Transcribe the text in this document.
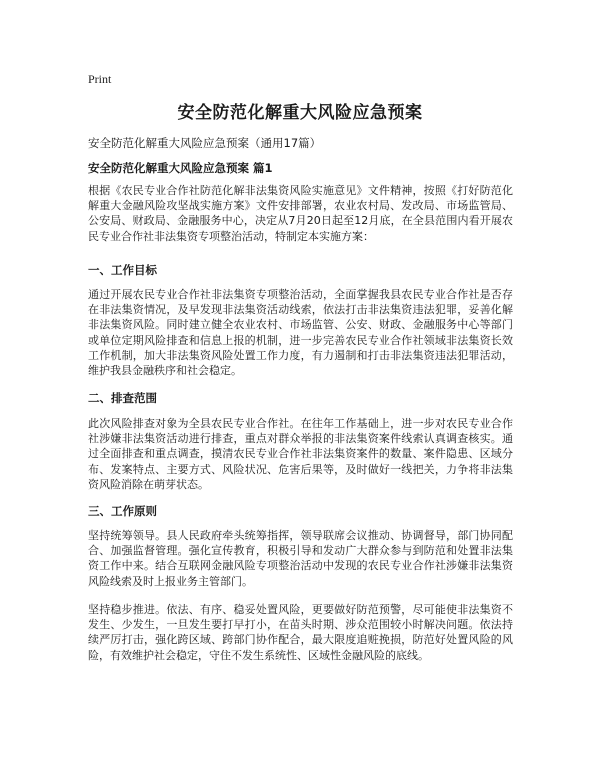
Print
安全防范化解重大风险应急预案
安全防范化解重大风险应急预案（通用17篇）
安全防范化解重大风险应急预案 篇1

根据《农民专业合作社防范化解非法集资风险实施意见》文件精神，按照《打好防范化解重大金融风险攻坚战实施方案》文件安排部署，农业农村局、发改局、市场监管局、公安局、财政局、金融服务中心，决定从7月20日起至12月底，在全县范围内看开展农民专业合作社非法集资专项整治活动，特制定本实施方案：

一、工作目标

通过开展农民专业合作社非法集资专项整治活动，全面掌握我县农民专业合作社是否存在非法集资情况，及早发现非法集资活动线索，依法打击非法集资违法犯罪，妥善化解非法集资风险。同时建立健全农业农村、市场监管、公安、财政、金融服务中心等部门或单位定期风险排查和信息上报的机制，进一步完善农民专业合作社领域非法集资长效工作机制，加大非法集资风险处置工作力度，有力遏制和打击非法集资违法犯罪活动，维护我县金融秩序和社会稳定。

二、排查范围

此次风险排查对象为全县农民专业合作社。在往年工作基础上，进一步对农民专业合作社涉嫌非法集资活动进行排查，重点对群众举报的非法集资案件线索认真调查核实。通过全面排查和重点调查，摸清农民专业合作社非法集资案件的数量、案件隐患、区域分布、发案特点、主要方式、风险状况、危害后果等，及时做好一线把关，力争将非法集资风险消除在萌芽状态。

三、工作原则

坚持统筹领导。县人民政府牵头统筹指挥，领导联席会议推动、协调督导，部门协同配合、加强监督管理。强化宣传教育，积极引导和发动广大群众参与到防范和处置非法集资工作中来。结合互联网金融风险专项整治活动中发现的农民专业合作社涉嫌非法集资风险线索及时上报业务主管部门。

坚持稳步推进。依法、有序、稳妥处置风险，更要做好防范预警，尽可能使非法集资不发生、少发生，一旦发生要打早打小，在苗头时期、涉众范围较小时解决问题。依法持续严厉打击，强化跨区域、跨部门协作配合，最大限度追赃挽损，防范好处置风险的风险，有效维护社会稳定，守住不发生系统性、区域性金融风险的底线。
